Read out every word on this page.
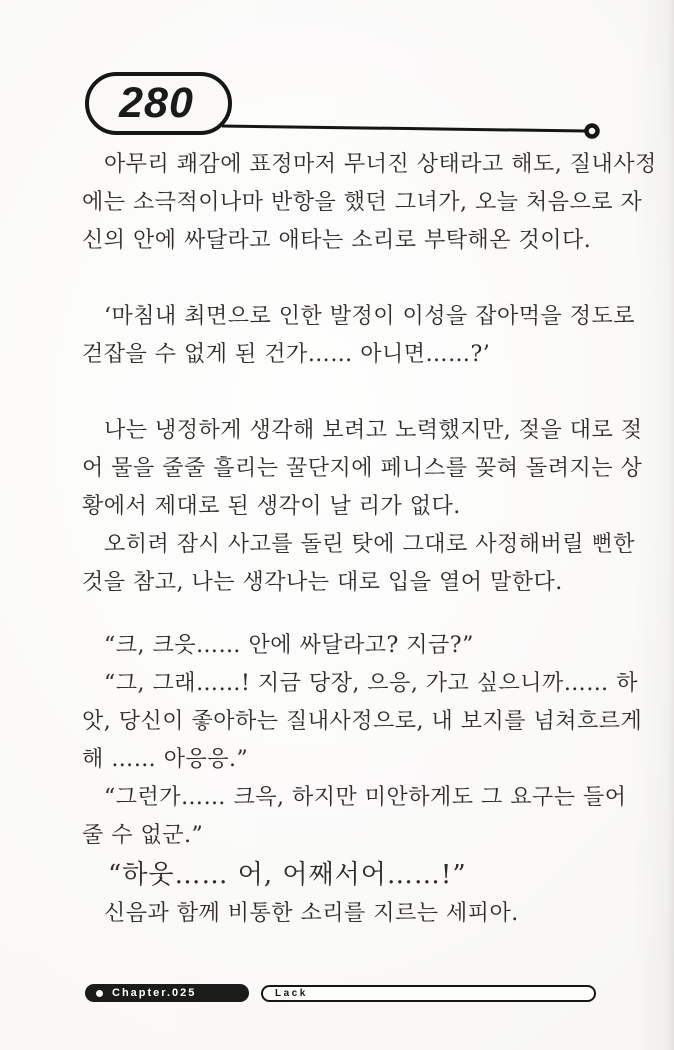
280
아무리 쾌감에 표정마저 무너진 상태라고 해도, 질내사정
에는 소극적이나마 반항을 했던 그녀가, 오늘 처음으로 자
신의 안에 싸달라고 애타는 소리로 부탁해온 것이다.
‘마침내 최면으로 인한 발정이 이성을 잡아먹을 정도로
걷잡을 수 없게 된 건가…… 아니면……?’
나는 냉정하게 생각해 보려고 노력했지만, 젖을 대로 젖
어 물을 줄줄 흘리는 꿀단지에 페니스를 꽂혀 돌려지는 상
황에서 제대로 된 생각이 날 리가 없다.
오히려 잠시 사고를 돌린 탓에 그대로 사정해버릴 뻔한
것을 참고, 나는 생각나는 대로 입을 열어 말한다.
“크, 크읏…… 안에 싸달라고? 지금?”
“그, 그래……! 지금 당장, 으응, 가고 싶으니까…… 하
앗, 당신이 좋아하는 질내사정으로, 내 보지를 넘쳐흐르게
해 …… 아응응.”
“그런가…… 크윽, 하지만 미안하게도 그 요구는 들어
줄 수 없군.”
“하웃…… 어, 어째서어……!”
신음과 함께 비통한 소리를 지르는 세피아.
Chapter.025	Lack
